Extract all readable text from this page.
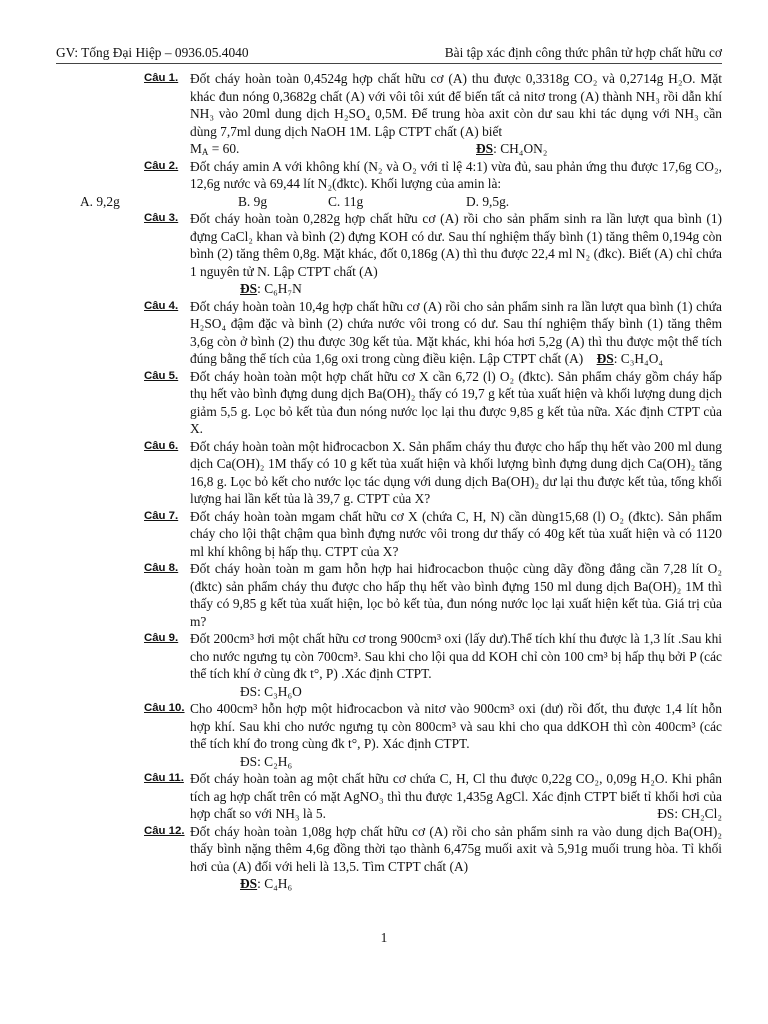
GV: Tống Đại Hiệp – 0936.05.4040	Bài tập xác định công thức phân tử hợp chất hữu cơ
Câu 1. Đốt cháy hoàn toàn 0,4524g hợp chất hữu cơ (A) thu được 0,3318g CO₂ và 0,2714g H₂O. Mặt khác đun nóng 0,3682g chất (A) với vôi tôi xút để biến tất cả nitơ trong (A) thành NH₃ rồi dẫn khí NH₃ vào 20ml dung dịch H₂SO₄ 0,5M. Để trung hòa axit còn dư sau khi tác dụng với NH₃ cần dùng 7,7ml dung dịch NaOH 1M. Lập CTPT chất (A) biết
$M_A = 60$.	ĐS: CH₄ON₂
Câu 2. Đốt cháy amin A với không khí (N₂ và O₂ với tỉ lệ 4:1) vừa đủ, sau phản ứng thu được 17,6g CO₂, 12,6g nước và 69,44 lít N₂(đktc). Khối lượng của amin là:
A. 9,2g	B. 9g	C. 11g	D. 9,5g.
Câu 3. Đốt cháy hoàn toàn 0,282g hợp chất hữu cơ (A) rồi cho sản phẩm sinh ra lần lượt qua bình (1) đựng CaCl₂ khan và bình (2) đựng KOH có dư. Sau thí nghiệm thấy bình (1) tăng thêm 0,194g còn bình (2) tăng thêm 0,8g. Mặt khác, đốt 0,186g (A) thì thu được 22,4 ml N₂ (đkc). Biết (A) chỉ chứa 1 nguyên tử N. Lập CTPT chất (A)
ĐS: C₆H₇N
Câu 4. Đốt cháy hoàn toàn 10,4g hợp chất hữu cơ (A) rồi cho sản phẩm sinh ra lần lượt qua bình (1) chứa H₂SO₄ đậm đặc và bình (2) chứa nước vôi trong có dư. Sau thí nghiệm thấy bình (1) tăng thêm 3,6g còn ở bình (2) thu được 30g kết tủa. Mặt khác, khi hóa hơi 5,2g (A) thì thu được một thể tích đúng bằng thể tích của 1,6g oxi trong cùng điều kiện. Lập CTPT chất (A) ĐS: C₃H₄O₄
Câu 5. Đốt cháy hoàn toàn một hợp chất hữu cơ X cần 6,72 (l) O₂ (đktc). Sản phẩm cháy gồm cháy hấp thụ hết vào bình đựng dung dịch Ba(OH)₂ thấy có 19,7 g kết tủa xuất hiện và khối lượng dung dịch giảm 5,5 g. Lọc bỏ kết tủa đun nóng nước lọc lại thu được 9,85 g kết tủa nữa. Xác định CTPT của X.
Câu 6. Đốt cháy hoàn toàn một hiđrocacbon X. Sản phẩm cháy thu được cho hấp thụ hết vào 200 ml dung dịch Ca(OH)₂ 1M thấy có 10 g kết tủa xuất hiện và khối lượng bình đựng dung dịch Ca(OH)₂ tăng 16,8 g. Lọc bỏ kết cho nước lọc tác dụng với dung dịch Ba(OH)₂ dư lại thu được kết tủa, tổng khối lượng hai lần kết tủa là 39,7 g. CTPT của X?
Câu 7. Đốt cháy hoàn toàn mgam chất hữu cơ X (chứa C, H, N) cần dùng15,68 (l) O₂ (đktc). Sản phẩm cháy cho lội thật chậm qua bình đựng nước vôi trong dư thấy có 40g kết tủa xuất hiện và có 1120 ml khí không bị hấp thụ. CTPT của X?
Câu 8. Đốt cháy hoàn toàn m gam hỗn hợp hai hiđrocacbon thuộc cùng dãy đồng đẳng cần 7,28 lít O₂ (đktc) sản phẩm cháy thu được cho hấp thụ hết vào bình đựng 150 ml dung dịch Ba(OH)₂ 1M thì thấy có 9,85 g kết tủa xuất hiện, lọc bỏ kết tủa, đun nóng nước lọc lại xuất hiện kết tủa. Giá trị của m?
Câu 9. Đốt 200cm³ hơi một chất hữu cơ trong 900cm³ oxi (lấy dư).Thể tích khí thu được là 1,3 lít .Sau khi cho nước ngưng tụ còn 700cm³. Sau khi cho lội qua dd KOH chỉ còn 100 cm³ bị hấp thụ bởi P (các thể tích khí ở cùng đk t°, P) .Xác định CTPT.
ĐS: C₃H₆O
Câu 10. Cho 400cm³ hỗn hợp một hiđrocacbon và nitơ vào 900cm³ oxi (dư) rồi đốt, thu được 1,4 lít hỗn hợp khí. Sau khi cho nước ngưng tụ còn 800cm³ và sau khi cho qua ddKOH thì còn 400cm³ (các thể tích khí đo trong cùng đk t°, P). Xác định CTPT.
ĐS: C₂H₆
Câu 11. Đốt cháy hoàn toàn ag một chất hữu cơ chứa C, H, Cl thu được 0,22g CO₂, 0,09g H₂O. Khi phân tích ag hợp chất trên có mặt AgNO₃ thì thu được 1,435g AgCl. Xác định CTPT biết tỉ khối hơi của hợp chất so với NH₃ là 5.	ĐS: CH₂Cl₂
Câu 12. Đốt cháy hoàn toàn 1,08g hợp chất hữu cơ (A) rồi cho sản phẩm sinh ra vào dung dịch Ba(OH)₂ thấy bình nặng thêm 4,6g đồng thời tạo thành 6,475g muối axit và 5,91g muối trung hòa. Tỉ khối hơi của (A) đối với heli là 13,5. Tìm CTPT chất (A)
ĐS: C₄H₆
1
